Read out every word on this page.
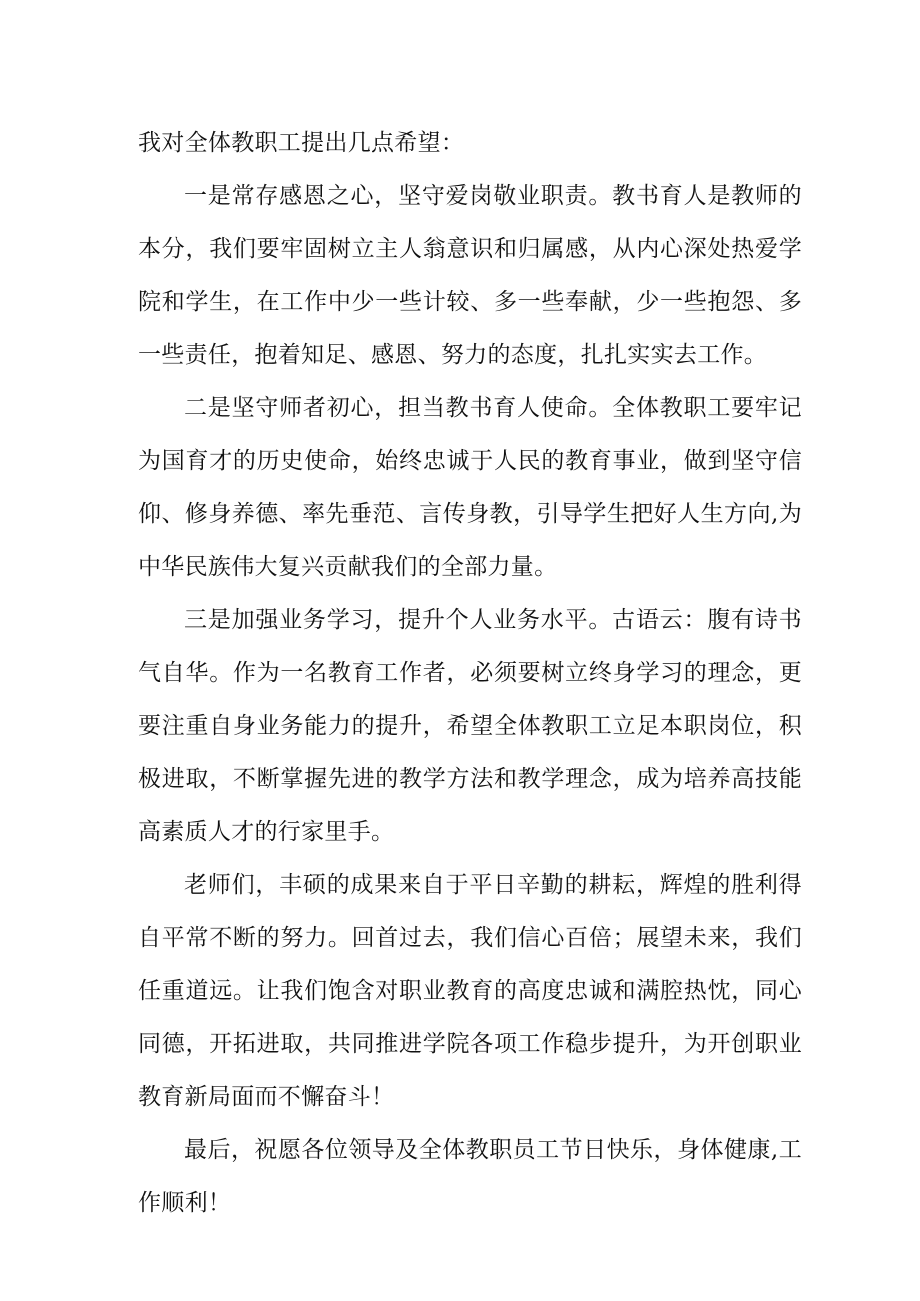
我对全体教职工提出几点希望：

一是常存感恩之心，坚守爱岗敬业职责。教书育人是教师的本分，我们要牢固树立主人翁意识和归属感，从内心深处热爱学院和学生，在工作中少一些计较、多一些奉献，少一些抱怨、多一些责任，抱着知足、感恩、努力的态度，扎扎实实去工作。

二是坚守师者初心，担当教书育人使命。全体教职工要牢记为国育才的历史使命，始终忠诚于人民的教育事业，做到坚守信仰、修身养德、率先垂范、言传身教，引导学生把好人生方向,为中华民族伟大复兴贡献我们的全部力量。

三是加强业务学习，提升个人业务水平。古语云：腹有诗书气自华。作为一名教育工作者，必须要树立终身学习的理念，更要注重自身业务能力的提升，希望全体教职工立足本职岗位，积极进取，不断掌握先进的教学方法和教学理念，成为培养高技能高素质人才的行家里手。

老师们，丰硕的成果来自于平日辛勤的耕耘，辉煌的胜利得自平常不断的努力。回首过去，我们信心百倍；展望未来，我们任重道远。让我们饱含对职业教育的高度忠诚和满腔热忱，同心同德，开拓进取，共同推进学院各项工作稳步提升，为开创职业教育新局面而不懈奋斗！

最后，祝愿各位领导及全体教职员工节日快乐，身体健康,工作顺利！
